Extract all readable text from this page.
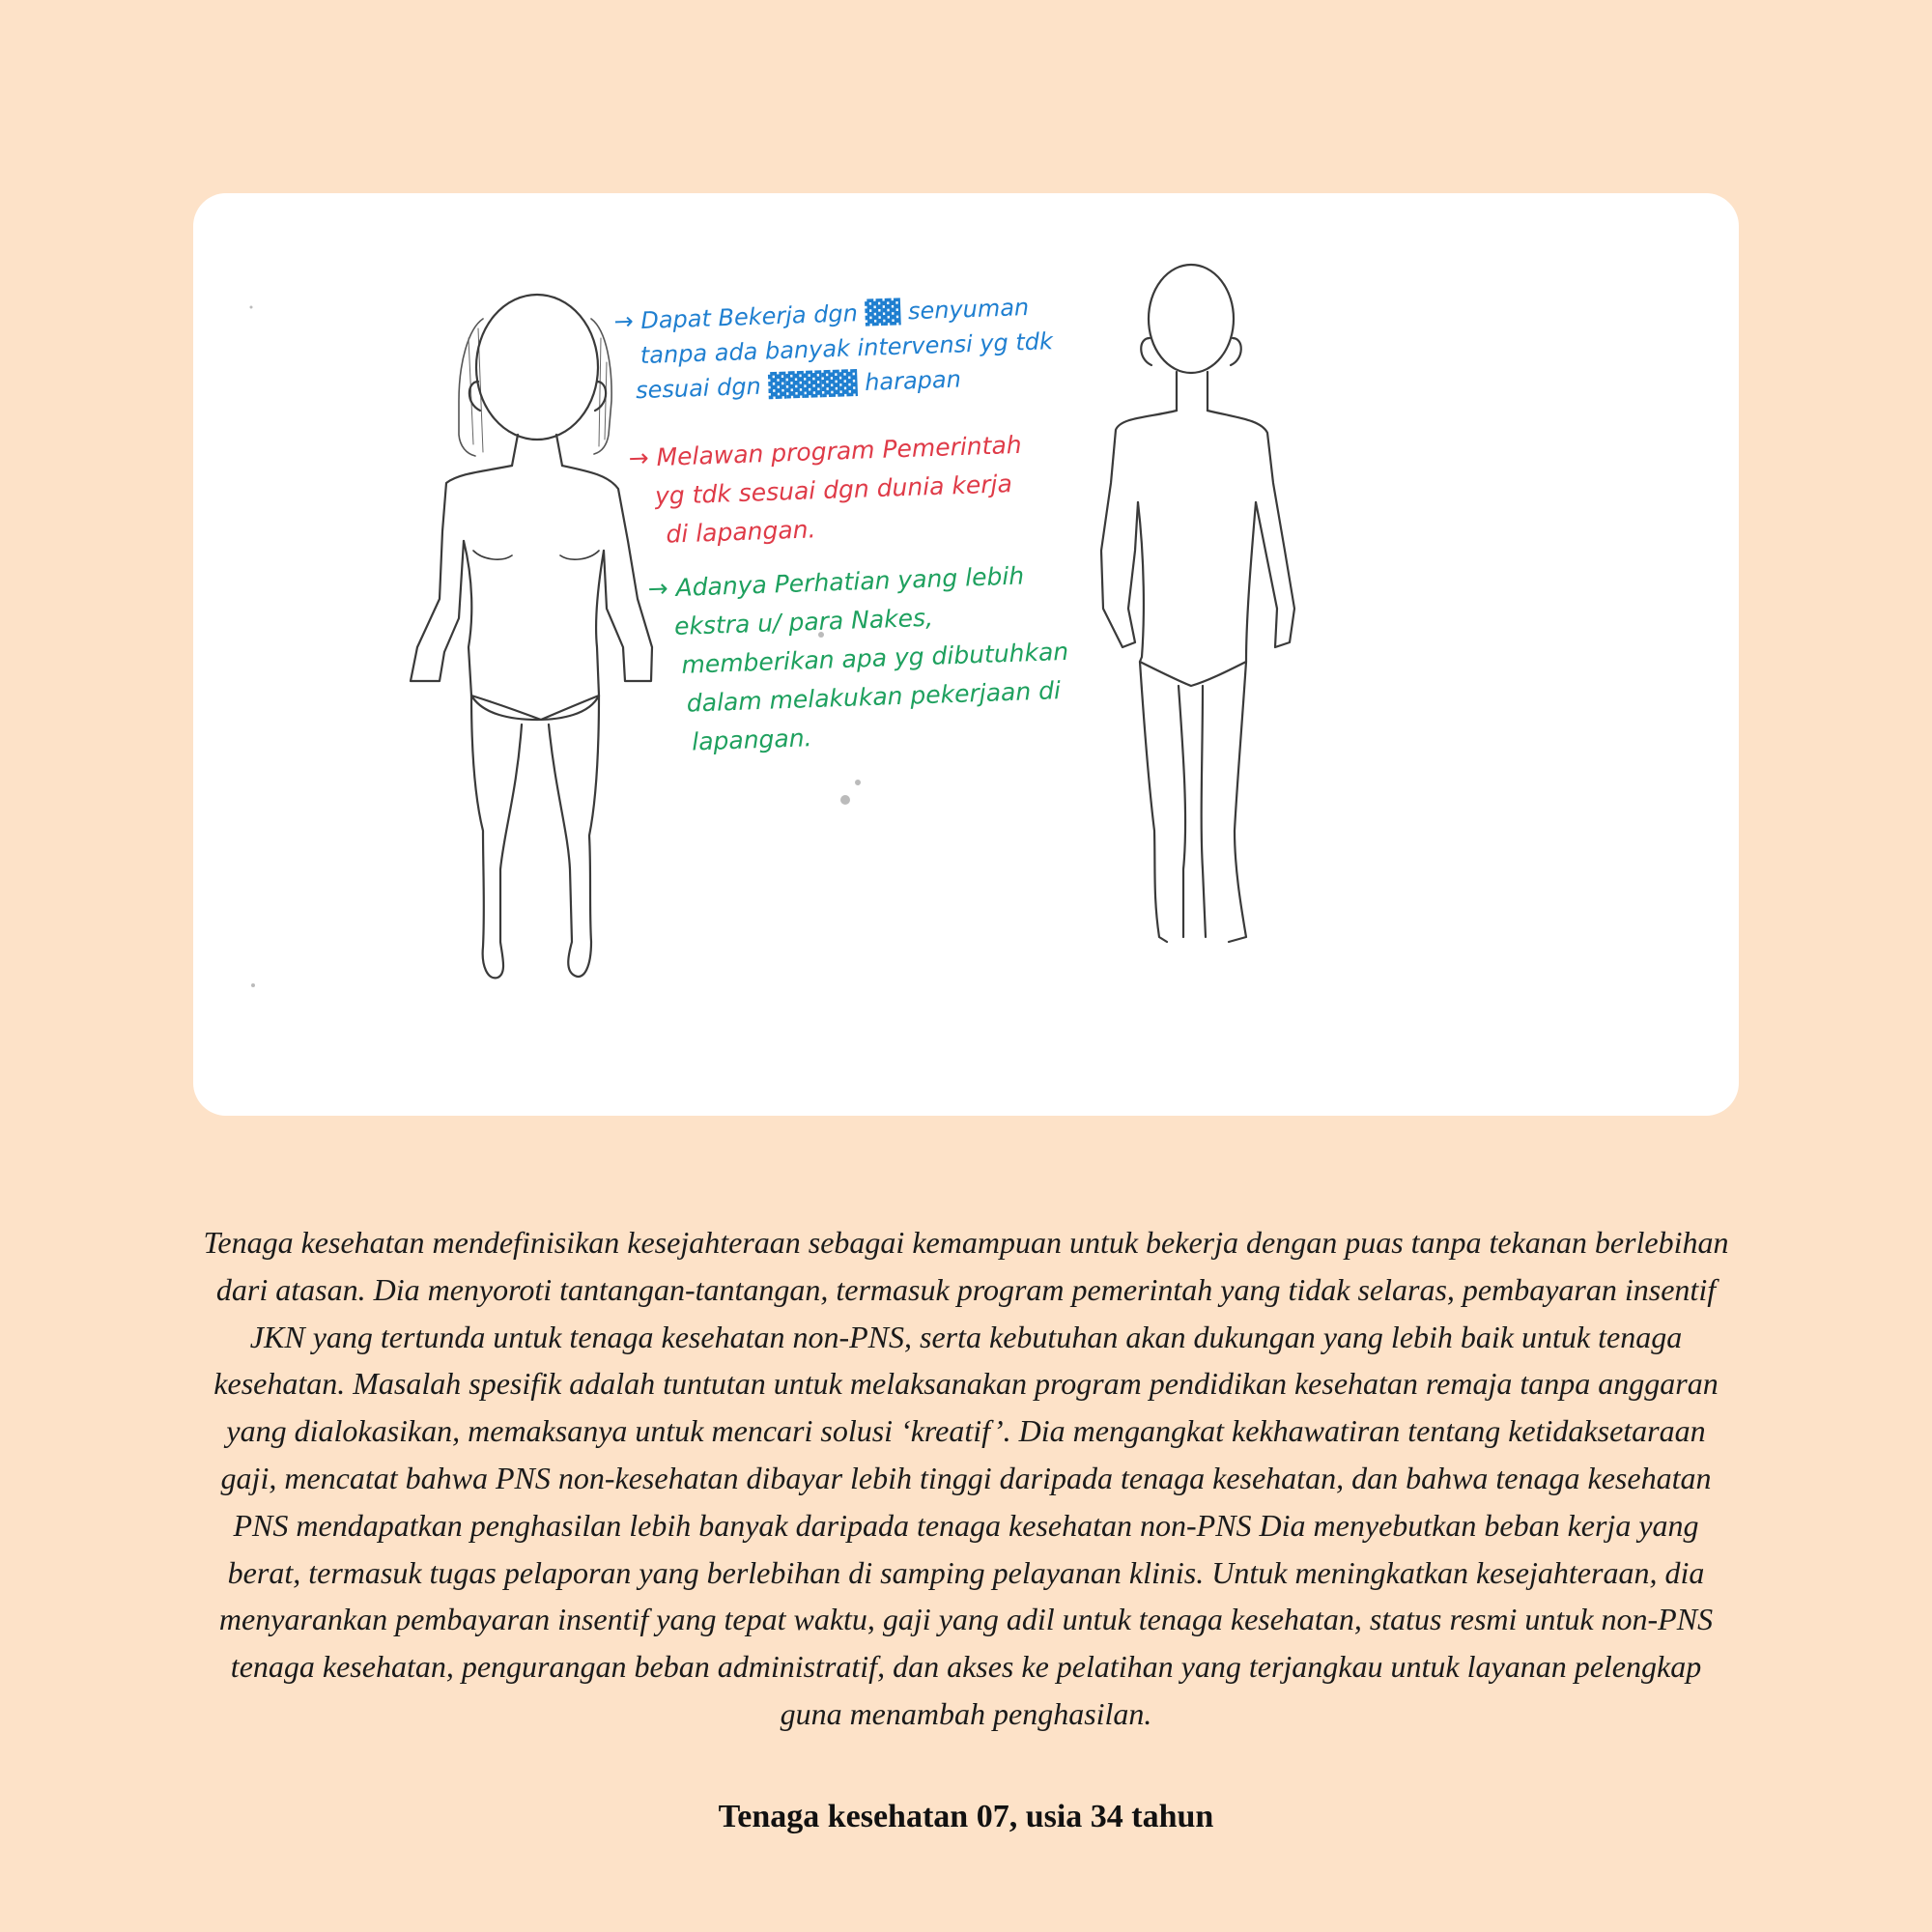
→ Dapat Bekerja dgn ▓▓ senyuman
tanpa ada banyak intervensi yg tdk
sesuai dgn ▓▓▓▓▓ harapan
→ Melawan program Pemerintah
yg tdk sesuai dgn dunia kerja
di lapangan.
→ Adanya Perhatian yang lebih
ekstra u/ para Nakes,
memberikan apa yg dibutuhkan
dalam melakukan pekerjaan di
lapangan.
Tenaga kesehatan mendefinisikan kesejahteraan sebagai kemampuan untuk bekerja dengan puas tanpa tekanan berlebihan dari atasan. Dia menyoroti tantangan-tantangan, termasuk program pemerintah yang tidak selaras, pembayaran insentif JKN yang tertunda untuk tenaga kesehatan non-PNS, serta kebutuhan akan dukungan yang lebih baik untuk tenaga kesehatan. Masalah spesifik adalah tuntutan untuk melaksanakan program pendidikan kesehatan remaja tanpa anggaran yang dialokasikan, memaksanya untuk mencari solusi ‘kreatif’. Dia mengangkat kekhawatiran tentang ketidaksetaraan gaji, mencatat bahwa PNS non-kesehatan dibayar lebih tinggi daripada tenaga kesehatan, dan bahwa tenaga kesehatan PNS mendapatkan penghasilan lebih banyak daripada tenaga kesehatan non-PNS Dia menyebutkan beban kerja yang berat, termasuk tugas pelaporan yang berlebihan di samping pelayanan klinis. Untuk meningkatkan kesejahteraan, dia menyarankan pembayaran insentif yang tepat waktu, gaji yang adil untuk tenaga kesehatan, status resmi untuk non-PNS tenaga kesehatan, pengurangan beban administratif, dan akses ke pelatihan yang terjangkau untuk layanan pelengkap guna menambah penghasilan.
Tenaga kesehatan 07, usia 34 tahun
